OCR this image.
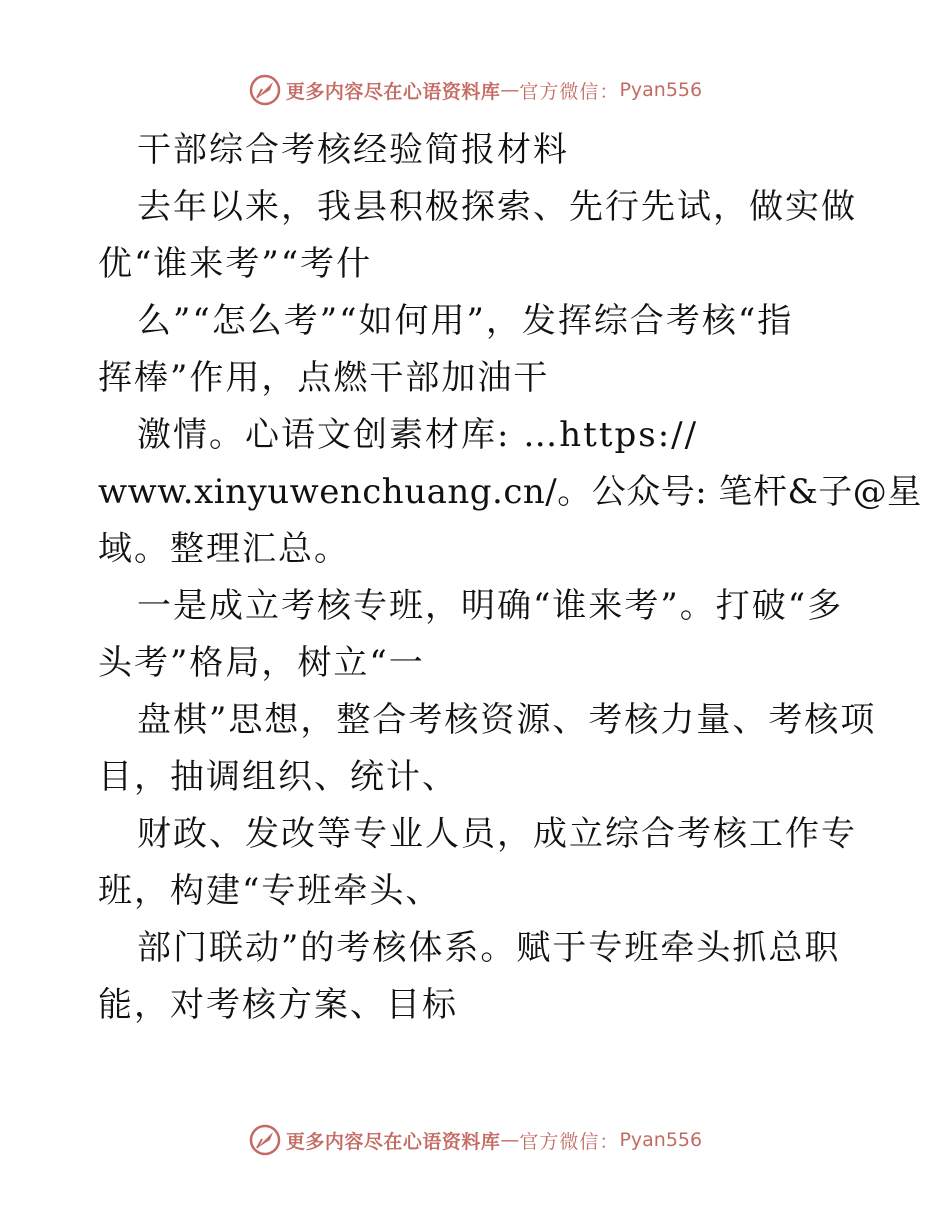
更多内容尽在心语资料库 — 官方微信： Pyan556
干部综合考核经验简报材料
去年以来，我县积极探索、先行先试，做实做
优“谁来考”“考什
么”“怎么考”“如何用”，发挥综合考核“指
挥棒”作用，点燃干部加油干
激情。心语文创素材库: …https://
www.xinyuwenchuang.cn/。公众号: 笔杆&子@星
域。整理汇总。
一是成立考核专班，明确“谁来考”。打破“多
头考”格局，树立“一
盘棋”思想，整合考核资源、考核力量、考核项
目，抽调组织、统计、
财政、发改等专业人员，成立综合考核工作专
班，构建“专班牵头、
部门联动”的考核体系。赋于专班牵头抓总职
能，对考核方案、目标
更多内容尽在心语资料库 — 官方微信： Pyan556
